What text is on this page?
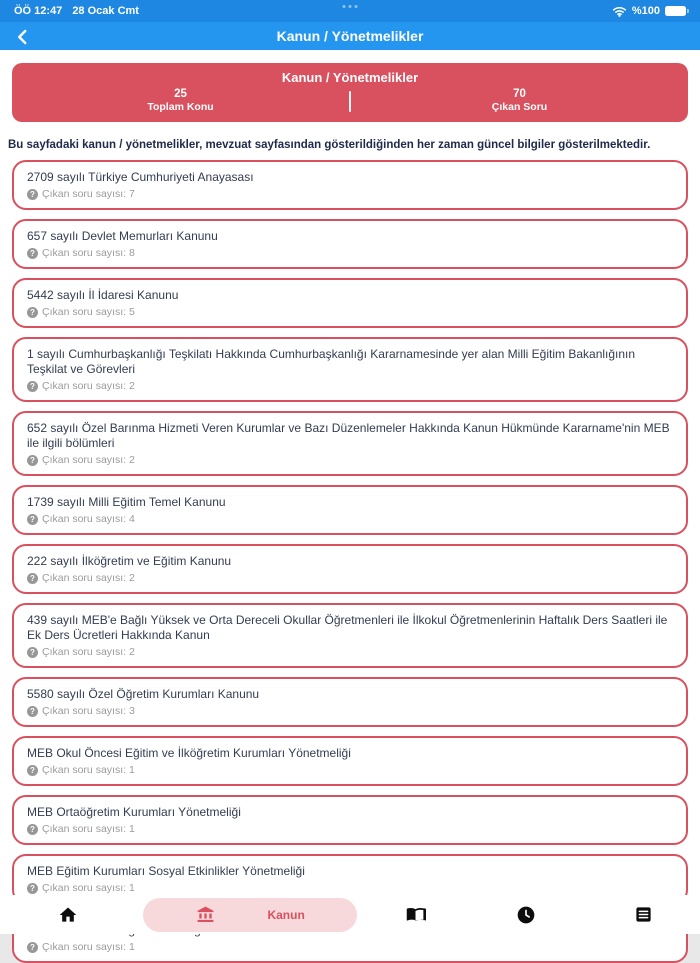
ÖÖ 12:47 28 Ocak Cmt	%100
Kanun / Yönetmelikler
Kanun / Yönetmelikler
25
Toplam Konu
70
Çıkan Soru
Bu sayfadaki kanun / yönetmelikler, mevzuat sayfasından gösterildiğinden her zaman güncel bilgiler gösterilmektedir.
2709 sayılı Türkiye Cumhuriyeti Anayasası
? Çıkan soru sayısı: 7
657 sayılı Devlet Memurları Kanunu
? Çıkan soru sayısı: 8
5442 sayılı İl İdaresi Kanunu
? Çıkan soru sayısı: 5
1 sayılı Cumhurbaşkanlığı Teşkilatı Hakkında Cumhurbaşkanlığı Kararnamesinde yer alan Milli Eğitim Bakanlığının Teşkilat ve Görevleri
? Çıkan soru sayısı: 2
652 sayılı Özel Barınma Hizmeti Veren Kurumlar ve Bazı Düzenlemeler Hakkında Kanun Hükmünde Kararname'nin MEB ile ilgili bölümleri
? Çıkan soru sayısı: 2
1739 sayılı Milli Eğitim Temel Kanunu
? Çıkan soru sayısı: 4
222 sayılı İlköğretim ve Eğitim Kanunu
? Çıkan soru sayısı: 2
439 sayılı MEB'e Bağlı Yüksek ve Orta Dereceli Okullar Öğretmenleri ile İlkokul Öğretmenlerinin Haftalık Ders Saatleri ile Ek Ders Ücretleri Hakkında Kanun
? Çıkan soru sayısı: 2
5580 sayılı Özel Öğretim Kurumları Kanunu
? Çıkan soru sayısı: 3
MEB Okul Öncesi Eğitim ve İlköğretim Kurumları Yönetmeliği
? Çıkan soru sayısı: 1
MEB Ortaöğretim Kurumları Yönetmeliği
? Çıkan soru sayısı: 1
MEB Eğitim Kurumları Sosyal Etkinlikler Yönetmeliği
? Çıkan soru sayısı: 1
? Çıkan soru sayısı: 1
Kanun
